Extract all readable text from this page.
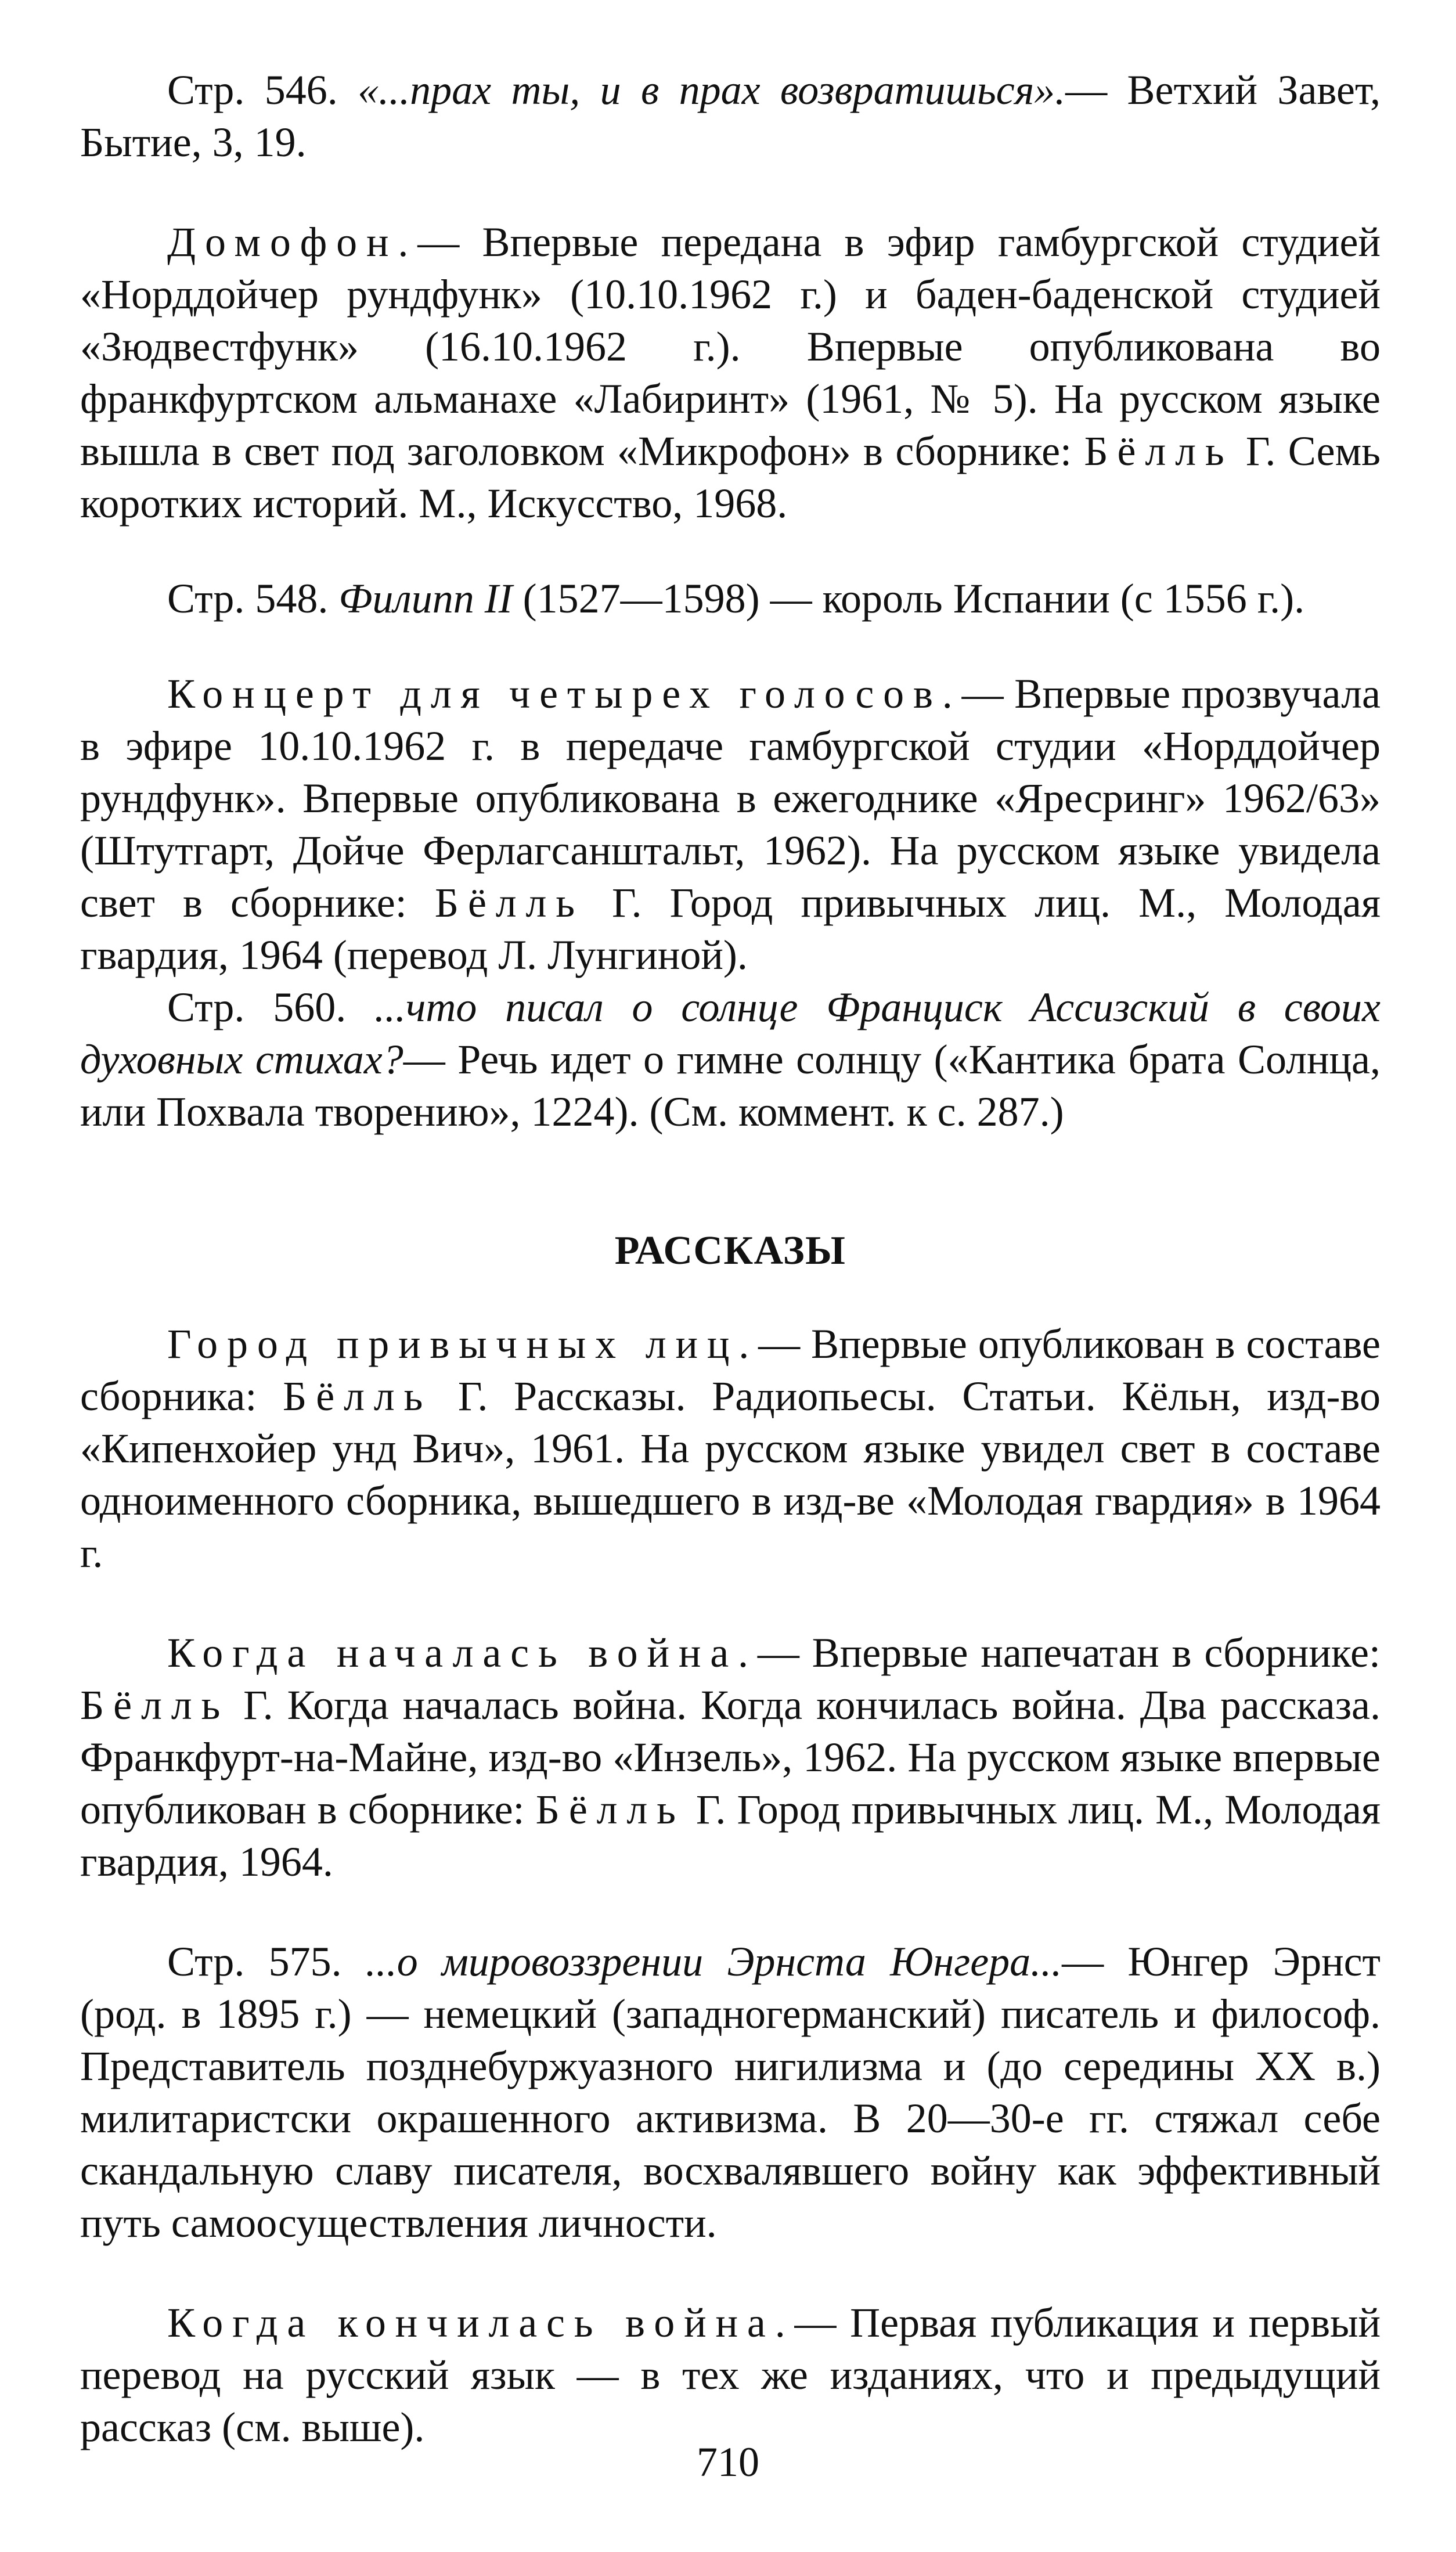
Стр. 546. «...прах ты, и в прах возвратишься».— Ветхий Завет, Бытие, 3, 19.

Домофон.— Впервые передана в эфир гамбургской студией «Норддойчер рундфунк» (10.10.1962 г.) и баден-баденской студией «Зюдвестфунк» (16.10.1962 г.). Впервые опубликована во франкфуртском альманахе «Лабиринт» (1961, № 5). На русском языке вышла в свет под заголовком «Микрофон» в сборнике: Бёлль Г. Семь коротких историй. М., Искусство, 1968.

Стр. 548. Филипп II (1527—1598) — король Испании (с 1556 г.).

Концерт для четырех голосов.— Впервые прозвучала в эфире 10.10.1962 г. в передаче гамбургской студии «Норддойчер рундфунк». Впервые опубликована в ежегоднике «Яресринг» 1962/63» (Штутгарт, Дойче Ферлагсанштальт, 1962). На русском языке увидела свет в сборнике: Бёлль Г. Город привычных лиц. М., Молодая гвардия, 1964 (перевод Л. Лунгиной).

Стр. 560. ...что писал о солнце Франциск Ассизский в своих духовных стихах?— Речь идет о гимне солнцу («Кантика брата Солнца, или Похвала творению», 1224). (См. коммент. к с. 287.)

РАССКАЗЫ

Город привычных лиц.— Впервые опубликован в составе сборника: Бёлль Г. Рассказы. Радиопьесы. Статьи. Кёльн, изд-во «Кипенхойер унд Вич», 1961. На русском языке увидел свет в составе одноименного сборника, вышедшего в изд-ве «Молодая гвардия» в 1964 г.

Когда началась война.— Впервые напечатан в сборнике: Бёлль Г. Когда началась война. Когда кончилась война. Два рассказа. Франкфурт-на-Майне, изд-во «Инзель», 1962. На русском языке впервые опубликован в сборнике: Бёлль Г. Город привычных лиц. М., Молодая гвардия, 1964.

Стр. 575. ...о мировоззрении Эрнста Юнгера...— Юнгер Эрнст (род. в 1895 г.) — немецкий (западногерманский) писатель и философ. Представитель позднебуржуазного нигилизма и (до середины XX в.) милитаристски окрашенного активизма. В 20—30-е гг. стяжал себе скандальную славу писателя, восхвалявшего войну как эффективный путь самоосуществления личности.

Когда кончилась война.— Первая публикация и первый перевод на русский язык — в тех же изданиях, что и предыдущий рассказ (см. выше).

710
